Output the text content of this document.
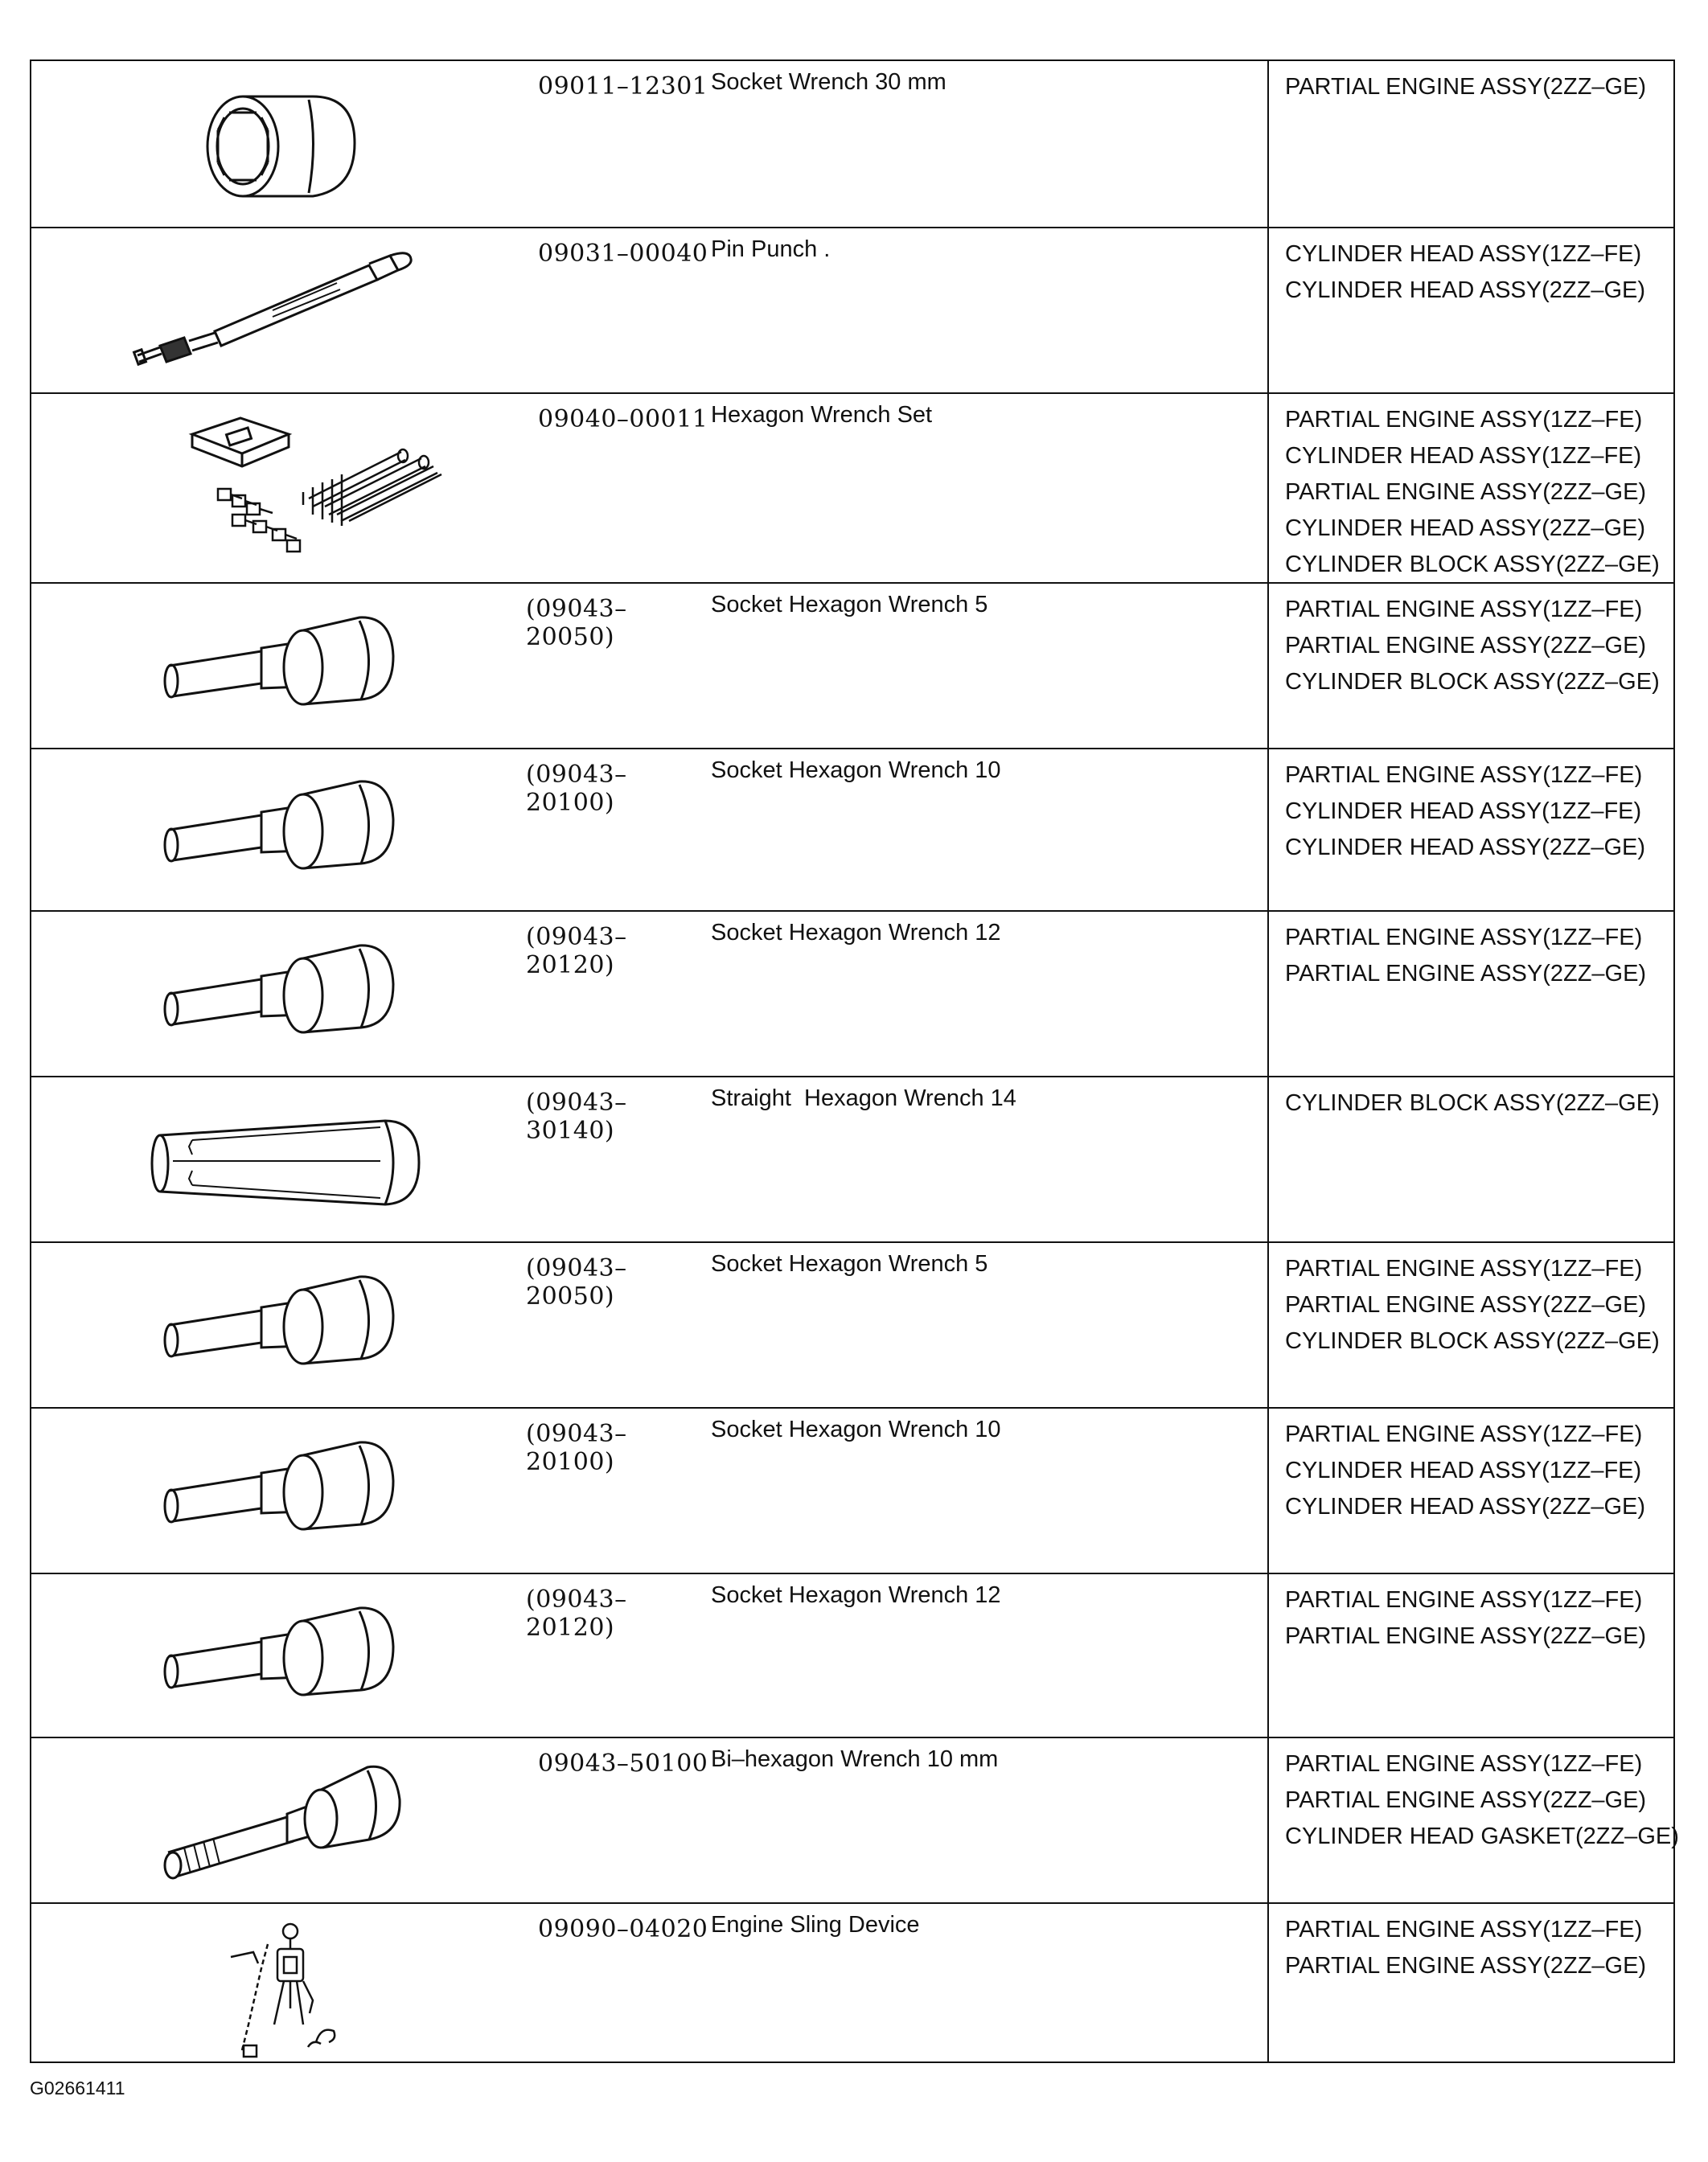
09011–12301 Socket Wrench 30 mm	PARTIAL ENGINE ASSY(2ZZ–GE)
09031–00040 Pin Punch .	CYLINDER HEAD ASSY(1ZZ–FE)
CYLINDER HEAD ASSY(2ZZ–GE)
09040–00011 Hexagon Wrench Set	PARTIAL ENGINE ASSY(1ZZ–FE)
CYLINDER HEAD ASSY(1ZZ–FE)
PARTIAL ENGINE ASSY(2ZZ–GE)
CYLINDER HEAD ASSY(2ZZ–GE)
CYLINDER BLOCK ASSY(2ZZ–GE)
(09043–20050)
Socket Hexagon Wrench 5	PARTIAL ENGINE ASSY(1ZZ–FE)
PARTIAL ENGINE ASSY(2ZZ–GE)
CYLINDER BLOCK ASSY(2ZZ–GE)
(09043–20100)
Socket Hexagon Wrench 10	PARTIAL ENGINE ASSY(1ZZ–FE)
CYLINDER HEAD ASSY(1ZZ–FE)
CYLINDER HEAD ASSY(2ZZ–GE)
(09043–20120)
Socket Hexagon Wrench 12	PARTIAL ENGINE ASSY(1ZZ–FE)
PARTIAL ENGINE ASSY(2ZZ–GE)
(09043–30140)
Straight  Hexagon Wrench 14	CYLINDER BLOCK ASSY(2ZZ–GE)
(09043–20050)
Socket Hexagon Wrench 5	PARTIAL ENGINE ASSY(1ZZ–FE)
PARTIAL ENGINE ASSY(2ZZ–GE)
CYLINDER BLOCK ASSY(2ZZ–GE)
(09043–20100)
Socket Hexagon Wrench 10	PARTIAL ENGINE ASSY(1ZZ–FE)
CYLINDER HEAD ASSY(1ZZ–FE)
CYLINDER HEAD ASSY(2ZZ–GE)
(09043–20120)
Socket Hexagon Wrench 12	PARTIAL ENGINE ASSY(1ZZ–FE)
PARTIAL ENGINE ASSY(2ZZ–GE)
09043–50100 Bi–hexagon Wrench 10 mm	PARTIAL ENGINE ASSY(1ZZ–FE)
PARTIAL ENGINE ASSY(2ZZ–GE)
CYLINDER HEAD GASKET(2ZZ–GE)
09090–04020 Engine Sling Device	PARTIAL ENGINE ASSY(1ZZ–FE)
PARTIAL ENGINE ASSY(2ZZ–GE)
G02661411
